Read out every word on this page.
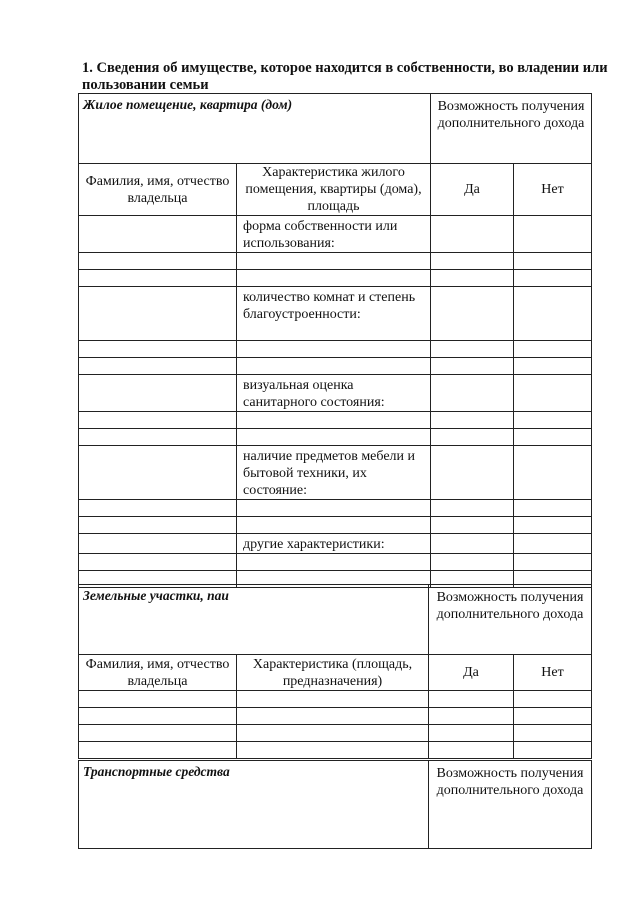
1. Сведения об имуществе, которое находится в собственности, во владении или пользовании семьи
Жилое помещение, квартира (дом)		Возможность получения дополнительного дохода	
Фамилия, имя, отчество владельца	Характеристика жилого помещения, квартиры (дома), площадь	Да	Нет
	форма собственности или использования:		

	количество комнат и степень благоустроенности:		

	визуальная оценка санитарного состояния:		

	наличие предметов мебели и бытовой техники, их состояние:		

	другие характеристики:		

Земельные участки, паи		Возможность получения дополнительного дохода	
Фамилия, имя, отчество владельца	Характеристика (площадь, предназначения)	Да	Нет

Транспортные средства	Возможность получения дополнительного дохода
